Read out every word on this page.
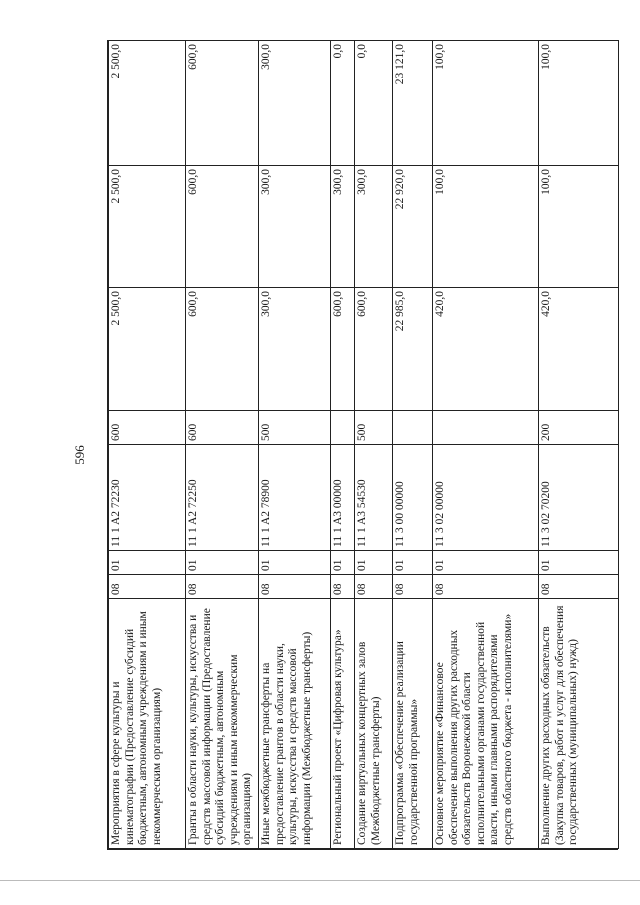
596
Мероприятия в сфере культуры и кинематографии (Предоставление субсидий бюджетным, автономным учреждениям и иным некоммерческим организациям)	08	01	11 1 A2 72230	600	2 500,0	2 500,0	2 500,0
Гранты в области науки, культуры, искусства и средств массовой информации (Предоставление субсидий бюджетным, автономным учреждениям и иным некоммерческим организациям)	08	01	11 1 A2 72250	600	600,0	600,0	600,0
Иные межбюджетные трансферты на предоставление грантов в области науки, культуры, искусства и средств массовой информации (Межбюджетные трансферты)	08	01	11 1 A2 78900	500	300,0	300,0	300,0
Региональный проект «Цифровая культура»	08	01	11 1 A3 00000		600,0	300,0	0,0
Создание виртуальных концертных залов (Межбюджетные трансферты)	08	01	11 1 A3 54530	500	600,0	300,0	0,0
Подпрограмма «Обеспечение реализации государственной программы»	08	01	11 3 00 00000		22 985,0	22 920,0	23 121,0
Основное мероприятие «Финансовое обеспечение выполнения других расходных обязательств Воронежской области исполнительными органами государственной власти, иными главными распорядителями средств областного бюджета - исполнителями»	08	01	11 3 02 00000		420,0	100,0	100,0
Выполнение других расходных обязательств (Закупка товаров, работ и услуг для обеспечения государственных (муниципальных) нужд)	08	01	11 3 02 70200	200	420,0	100,0	100,0
